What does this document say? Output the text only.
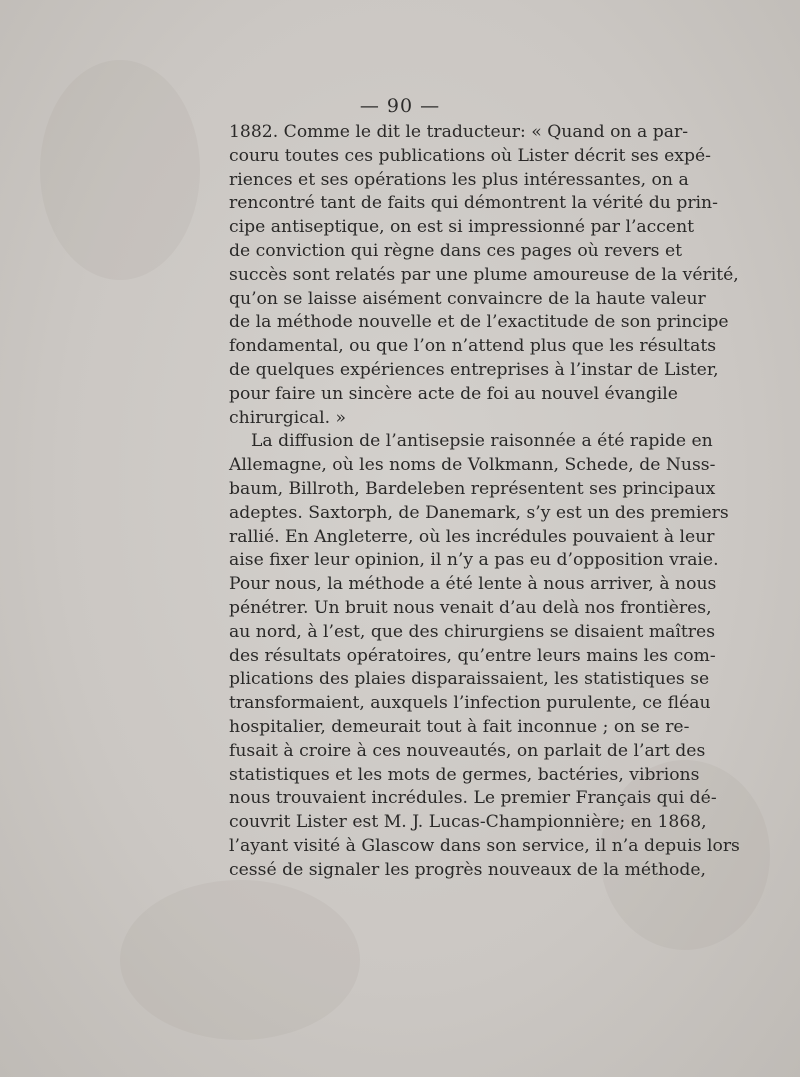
— 90 —

1882. Comme le dit le traducteur: « Quand on a par-
couru toutes ces publications où Lister décrit ses expé-
riences et ses opérations les plus intéressantes, on a
rencontré tant de faits qui démontrent la vérité du prin-
cipe antiseptique, on est si impressionné par l’accent
de conviction qui règne dans ces pages où revers et
succès sont relatés par une plume amoureuse de la vérité,
qu’on se laisse aisément convaincre de la haute valeur
de la méthode nouvelle et de l’exactitude de son principe
fondamental, ou que l’on n’attend plus que les résultats
de quelques expériences entreprises à l’instar de Lister,
pour faire un sincère acte de foi au nouvel évangile
chirurgical. »

La diffusion de l’antisepsie raisonnée a été rapide en
Allemagne, où les noms de Volkmann, Schede, de Nuss-
baum, Billroth, Bardeleben représentent ses principaux
adeptes. Saxtorph, de Danemark, s’y est un des premiers
rallié. En Angleterre, où les incrédules pouvaient à leur
aise fixer leur opinion, il n’y a pas eu d’opposition vraie.
Pour nous, la méthode a été lente à nous arriver, à nous
pénétrer. Un bruit nous venait d’au delà nos frontières,
au nord, à l’est, que des chirurgiens se disaient maîtres
des résultats opératoires, qu’entre leurs mains les com-
plications des plaies disparaissaient, les statistiques se
transformaient, auxquels l’infection purulente, ce fléau
hospitalier, demeurait tout à fait inconnue ; on se re-
fusait à croire à ces nouveautés, on parlait de l’art des
statistiques et les mots de germes, bactéries, vibrions
nous trouvaient incrédules. Le premier Français qui dé-
couvrit Lister est M. J. Lucas-Championnière; en 1868,
l’ayant visité à Glascow dans son service, il n’a depuis lors
cessé de signaler les progrès nouveaux de la méthode,
